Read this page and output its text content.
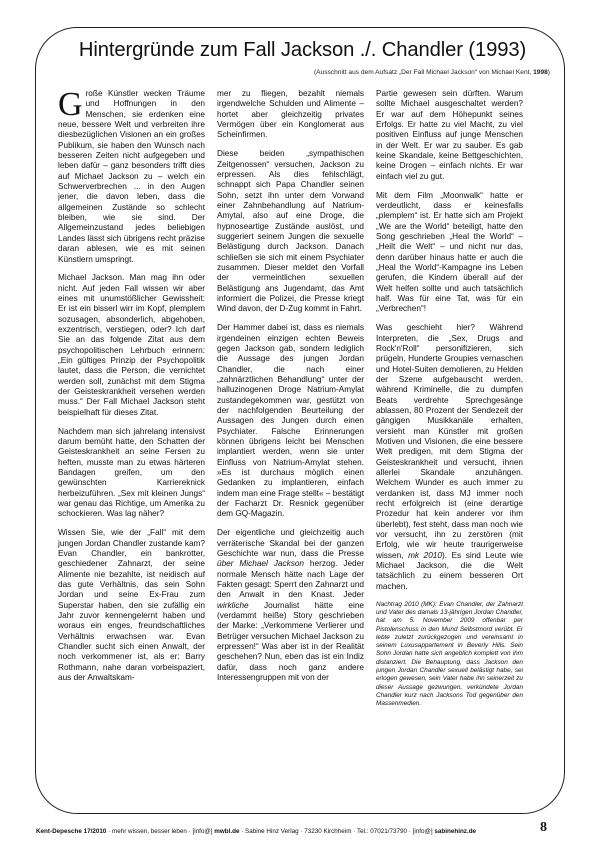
Hintergründe zum Fall Jackson ./. Chandler (1993)
(Ausschnitt aus dem Aufsatz „Der Fall Michael Jackson“ von Michael Kent, 1998)

Große Künstler wecken Träume und Hoffnungen in den Menschen, sie erdenken eine neue, bessere Welt und verbreiten ihre diesbezüglichen Visionen an ein großes Publikum, sie haben den Wunsch nach besseren Zeiten nicht aufgegeben und leben dafür – ganz besonders trifft dies auf Michael Jackson zu – welch ein Schwerverbrechen ... in den Augen jener, die davon leben, dass die allgemeinen Zustände so schlecht bleiben, wie sie sind. Der Allgemeinzustand jedes beliebigen Landes lässt sich übrigens recht präzise daran ablesen, wie es mit seinen Künstlern umspringt.

Michael Jackson. Man mag ihn oder nicht. Auf jeden Fall wissen wir aber eines mit unumstößlicher Gewissheit: Er ist ein bisserl wirr im Kopf, plemplem sozusagen, absonderlich, abgehoben, exzentrisch, verstiegen, oder? Ich darf Sie an das folgende Zitat aus dem psychopolitischen Lehrbuch erinnern: „Ein gültiges Prinzip der Psychopolitik lautet, dass die Person, die vernichtet werden soll, zunächst mit dem Stigma der Geisteskrankheit versehen werden muss.“ Der Fall Michael Jackson steht beispielhaft für dieses Zitat.

Nachdem man sich jahrelang intensivst darum bemüht hatte, den Schatten der Geisteskrankheit an seine Fersen zu heften, musste man zu etwas härteren Bandagen greifen, um den gewünschten Karriereknick herbeizuführen. „Sex mit kleinen Jungs“ war genau das Richtige, um Amerika zu schockieren. Was lag näher?

Wissen Sie, wie der „Fall“ mit dem jungen Jordan Chandler zustande kam? Evan Chandler, ein bankrotter, geschiedener Zahnarzt, der seine Alimente nie bezahlte, ist neidisch auf das gute Verhältnis, das sein Sohn Jordan und seine Ex-Frau zum Superstar haben, den sie zufällig ein Jahr zuvor kennengelernt haben und woraus ein enges, freundschaftliches Verhältnis erwachsen war. Evan Chandler sucht sich einen Anwalt, der noch verkommener ist, als er: Barry Rothmann, nahe daran vorbeispaziert, aus der Anwaltskam-

mer zu fliegen, bezahlt niemals irgendwelche Schulden und Alimente – hortet aber gleichzeitig privates Vermögen über ein Konglomerat aus Scheinfirmen.

Diese beiden „sympathischen Zeitgenossen“ versuchen, Jackson zu erpressen. Als dies fehlschlägt, schnappt sich Papa Chandler seinen Sohn, setzt ihn unter dem Vorwand einer Zahnbehandlung auf Natrium-Amytal, also auf eine Droge, die hypnoseartige Zustände auslöst, und suggeriert seinem Jungen die sexuelle Belästigung durch Jackson. Danach schließen sie sich mit einem Psychiater zusammen. Dieser meldet den Vorfall der vermeintlichen sexuellen Belästigung ans Jugendamt, das Amt informiert die Polizei, die Presse kriegt Wind davon, der D-Zug kommt in Fahrt.

Der Hammer dabei ist, dass es niemals irgendeinen einzigen echten Beweis gegen Jackson gab, sondern lediglich die Aussage des jungen Jordan Chandler, die nach einer „zahnärztlichen Behandlung“ unter der halluzinogenen Droge Natrium-Amylat zustandegekommen war, gestützt von der nachfolgenden Beurteilung der Aussagen des Jungen durch einen Psychiater. Falsche Erinnerungen können übrigens leicht bei Menschen implantiert werden, wenn sie unter Einfluss von Natrium-Amylat stehen. »Es ist durchaus möglich einen Gedanken zu implantieren, einfach indem man eine Frage stellt« – bestätigt der Facharzt Dr. Resnick gegenüber dem GQ-Magazin.

Der eigentliche und gleichzeitig auch verräterische Skandal bei der ganzen Geschichte war nun, dass die Presse über Michael Jackson herzog. Jeder normale Mensch hätte nach Lage der Fakten gesagt: Sperrt den Zahnarzt und den Anwalt in den Knast. Jeder wirkliche Journalist hätte eine (verdammt heiße) Story geschrieben der Marke: „Verkommene Verlierer und Betrüger versuchen Michael Jackson zu erpressen!“ Was aber ist in der Realität geschehen? Nun, eben das ist ein Indiz dafür, dass noch ganz andere Interessengruppen mit von der

Partie gewesen sein dürften. Warum sollte Michael ausgeschaltet werden? Er war auf dem Höhepunkt seines Erfolgs. Er hatte zu viel Macht, zu viel positiven Einfluss auf junge Menschen in der Welt. Er war zu sauber. Es gab keine Skandale, keine Bettgeschichten, keine Drogen – einfach nichts. Er war einfach viel zu gut.

Mit dem Film „Moonwalk“ hatte er verdeutlicht, dass er keinesfalls „plemplem“ ist. Er hatte sich am Projekt „We are the World“ beteiligt, hatte den Song geschrieben „Heal the World“ – „Heilt die Welt“ – und nicht nur das, denn darüber hinaus hatte er auch die „Heal the World“-Kampagne ins Leben gerufen, die Kindern überall auf der Welt helfen sollte und auch tatsächlich half. Was für eine Tat, was für ein „Verbrechen“!

Was geschieht hier? Während Interpreten, die „Sex, Drugs and Rock'n'Roll“ personifizieren, sich prügeln, Hunderte Groupies vernaschen und Hotel-Suiten demolieren, zu Helden der Szene aufgebauscht werden, während Kriminelle, die zu dumpfen Beats verdrehte Sprechgesänge ablassen, 80 Prozent der Sendezeit der gängigen Musikkanäle erhalten, versieht man Künstler mit großen Motiven und Visionen, die eine bessere Welt predigen, mit dem Stigma der Geisteskrankheit und versucht, ihnen allerlei Skandale anzuhängen. Welchem Wunder es auch immer zu verdanken ist, dass MJ immer noch recht erfolgreich ist (eine derartige Prozedur hat kein anderer vor ihm überlebt), fest steht, dass man noch wie vor versucht, ihn zu zerstören (mit Erfolg, wie wir heute traurigerweise wissen, mk 2010). Es sind Leute wie Michael Jackson, die die Welt tatsächlich zu einem besseren Ort machen.

Nachtrag 2010 (MK): Evan Chandler, der Zahnarzt und Vater des damals 13-jährigen Jordan Chandler, hat am 5. November 2009 offenbar per Pistolenschuss in den Mund Selbstmord verübt. Er lebte zuletzt zurückgezogen und vereinsamt in seinem Luxusappartement in Beverly Hills. Sein Sohn Jordan hatte sich angeblich komplett von ihm distanziert. Die Behauptung, dass Jackson den jungen Jordan Chandler sexuell belästigt habe, sei erlogen gewesen, sein Vater habe ihn seinerzeit zu dieser Aussage gezwungen, verkündete Jordan Chandler kurz nach Jacksons Tod gegenüber den Massenmedien.

Kent-Depesche 17/2010 · mehr wissen, besser leben · [info@] mwbl.de · Sabine Hinz Verlag · 73230 Kirchheim · Tel.: 07021/73790 · [info@] sabinehinz.de	8
